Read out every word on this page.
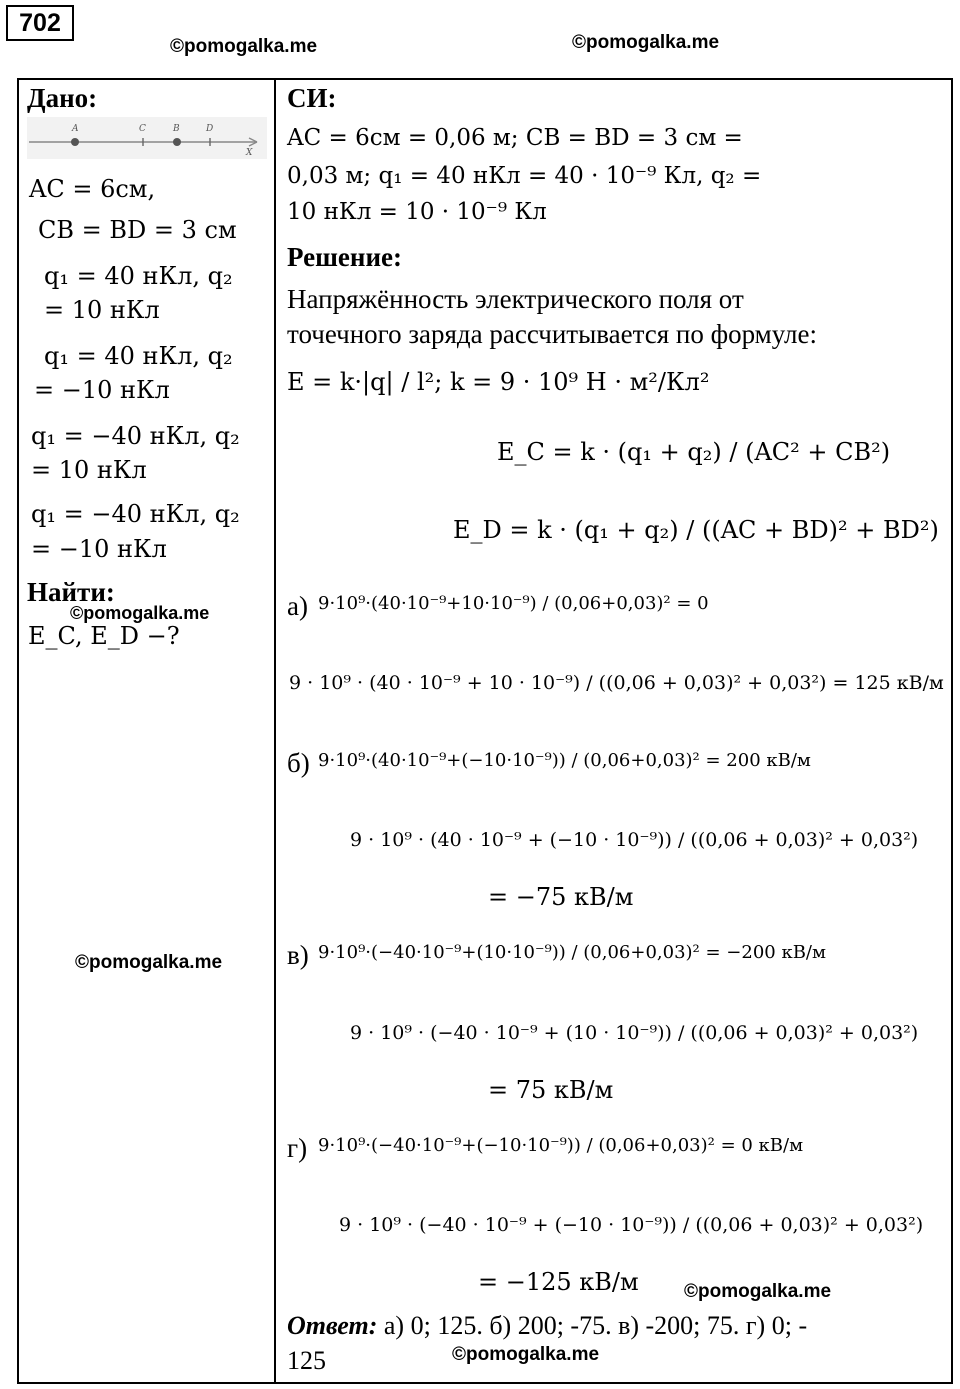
702
©pomogalka.me	©pomogalka.me
Дано:
A	C	B	D
X
AC = 6см,
CB = BD = 3 см
q₁ = 40 нКл, q₂
= 10 нКл
q₁ = 40 нКл, q₂
= −10 нКл
q₁ = −40 нКл, q₂
= 10 нКл
q₁ = −40 нКл, q₂
= −10 нКл
Найти:
©pomogalka.me
E_C, E_D −?
©pomogalka.me
СИ:
AC = 6см = 0,06 м; CB = BD = 3 см =
0,03 м; q₁ = 40 нКл = 40 · 10⁻⁹ Кл, q₂ =
10 нКл = 10 · 10⁻⁹ Кл
Решение:
Напряжённость электрического поля от
точечного заряда рассчитывается по формуле:
E = k·|q| / l²; k = 9 · 10⁹ Н · м²/Кл²
E_C = k · (q₁ + q₂) / (AC² + CB²)
E_D = k · (q₁ + q₂) / ((AC + BD)² + BD²)
а) 9·10⁹·(40·10⁻⁹+10·10⁻⁹) / (0,06+0,03)² = 0
9 · 10⁹ · (40 · 10⁻⁹ + 10 · 10⁻⁹) / ((0,06 + 0,03)² + 0,03²) = 125 кВ/м
б) 9·10⁹·(40·10⁻⁹+(−10·10⁻⁹)) / (0,06+0,03)² = 200 кВ/м
9 · 10⁹ · (40 · 10⁻⁹ + (−10 · 10⁻⁹)) / ((0,06 + 0,03)² + 0,03²)
= −75 кВ/м
в) 9·10⁹·(−40·10⁻⁹+(10·10⁻⁹)) / (0,06+0,03)² = −200 кВ/м
9 · 10⁹ · (−40 · 10⁻⁹ + (10 · 10⁻⁹)) / ((0,06 + 0,03)² + 0,03²)
= 75 кВ/м
г) 9·10⁹·(−40·10⁻⁹+(−10·10⁻⁹)) / (0,06+0,03)² = 0 кВ/м
9 · 10⁹ · (−40 · 10⁻⁹ + (−10 · 10⁻⁹)) / ((0,06 + 0,03)² + 0,03²)
= −125 кВ/м ©pomogalka.me
Ответ: а) 0; 125. б) 200; -75. в) -200; 75. г) 0; -
125	©pomogalka.me
